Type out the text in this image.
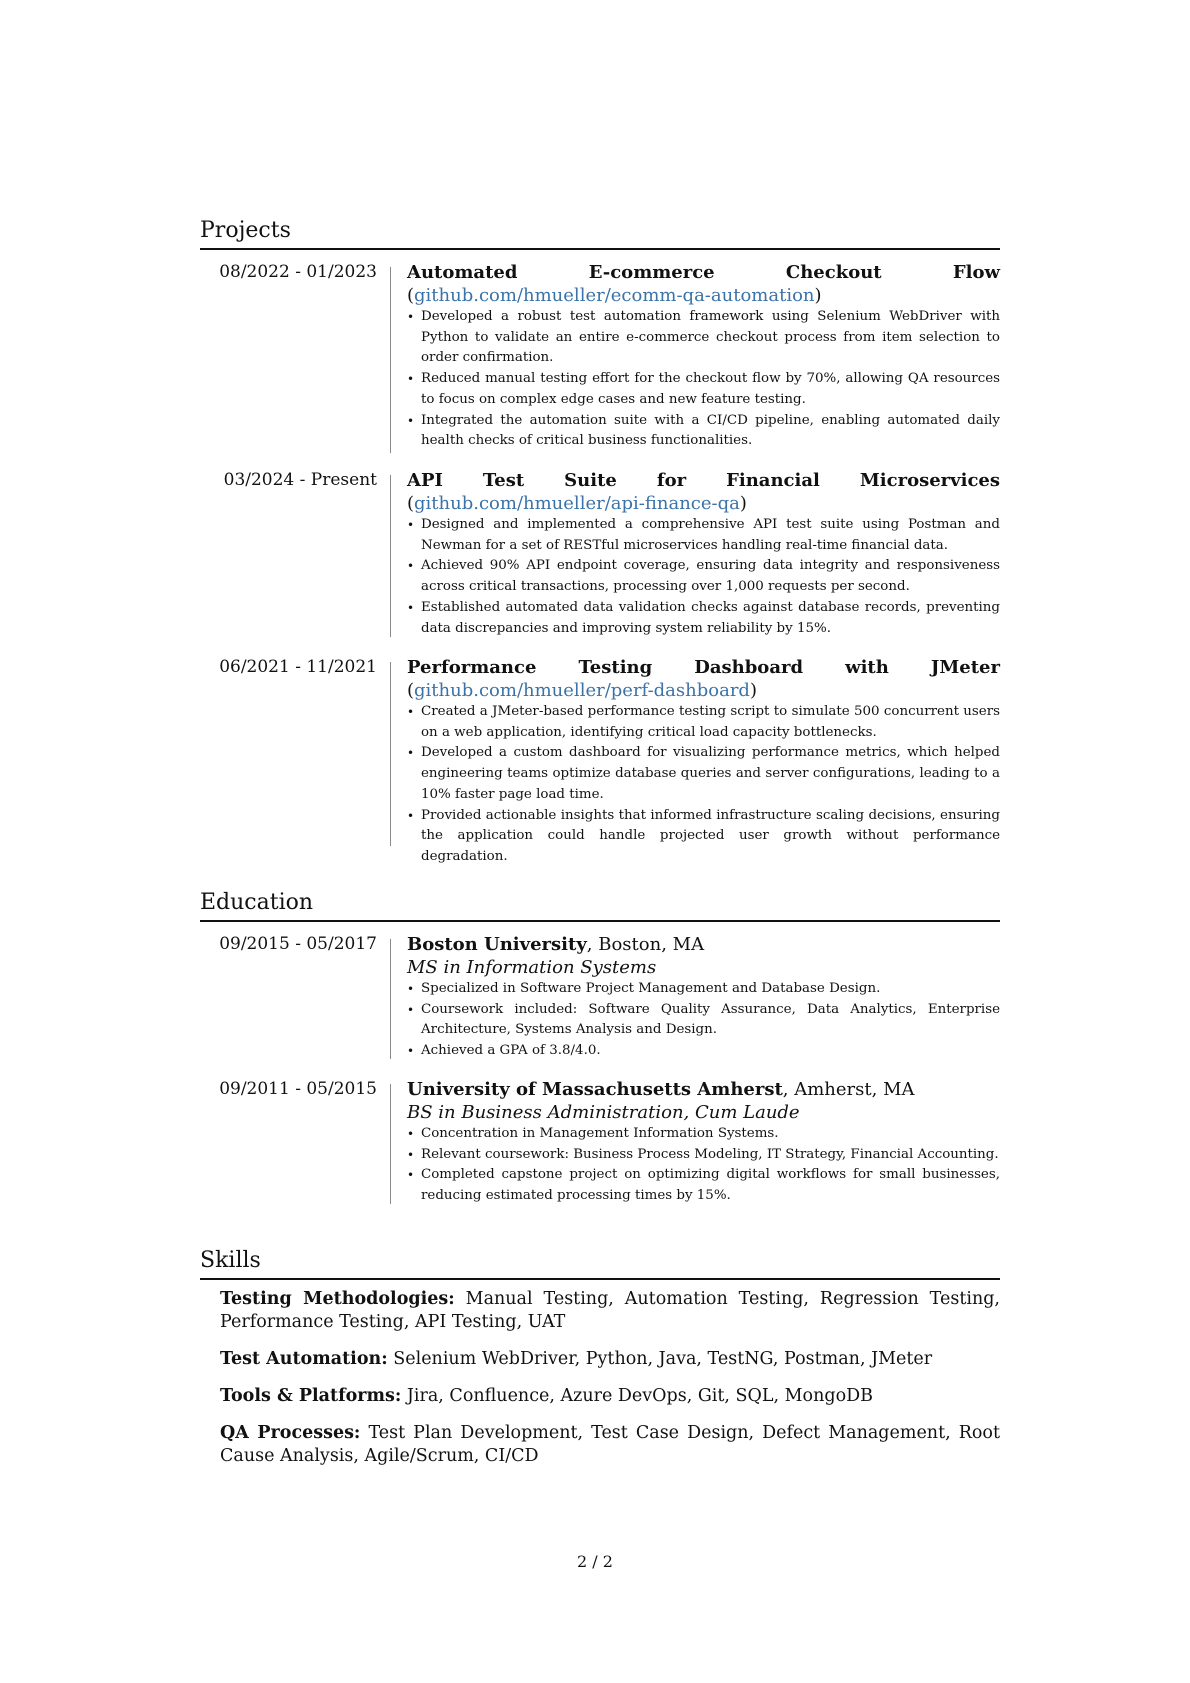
Projects
08/2022 - 01/2023 Automated E-commerce Checkout Flow (github.com/hmueller/ecomm-qa-automation)
• Developed a robust test automation framework using Selenium WebDriver with Python to validate an entire e-commerce checkout process from item selection to order confirmation.
• Reduced manual testing effort for the checkout flow by 70%, allowing QA resources to focus on complex edge cases and new feature testing.
• Integrated the automation suite with a CI/CD pipeline, enabling automated daily health checks of critical business functionalities.
03/2024 - Present API Test Suite for Financial Microservices (github.com/hmueller/api-finance-qa)
• Designed and implemented a comprehensive API test suite using Postman and Newman for a set of RESTful microservices handling real-time financial data.
• Achieved 90% API endpoint coverage, ensuring data integrity and responsiveness across critical transactions, processing over 1,000 requests per second.
• Established automated data validation checks against database records, preventing data discrepancies and improving system reliability by 15%.
06/2021 - 11/2021 Performance Testing Dashboard with JMeter (github.com/hmueller/perf-dashboard)
• Created a JMeter-based performance testing script to simulate 500 concurrent users on a web application, identifying critical load capacity bottlenecks.
• Developed a custom dashboard for visualizing performance metrics, which helped engineering teams optimize database queries and server configurations, leading to a 10% faster page load time.
• Provided actionable insights that informed infrastructure scaling decisions, ensuring the application could handle projected user growth without performance degradation.
Education
09/2015 - 05/2017 Boston University, Boston, MA
MS in Information Systems
• Specialized in Software Project Management and Database Design.
• Coursework included: Software Quality Assurance, Data Analytics, Enterprise Architecture, Systems Analysis and Design.
• Achieved a GPA of 3.8/4.0.
09/2011 - 05/2015 University of Massachusetts Amherst, Amherst, MA
BS in Business Administration, Cum Laude
• Concentration in Management Information Systems.
• Relevant coursework: Business Process Modeling, IT Strategy, Financial Accounting.
• Completed capstone project on optimizing digital workflows for small businesses, reducing estimated processing times by 15%.
Skills
Testing Methodologies: Manual Testing, Automation Testing, Regression Testing, Performance Testing, API Testing, UAT
Test Automation: Selenium WebDriver, Python, Java, TestNG, Postman, JMeter
Tools & Platforms: Jira, Confluence, Azure DevOps, Git, SQL, MongoDB
QA Processes: Test Plan Development, Test Case Design, Defect Management, Root Cause Analysis, Agile/Scrum, CI/CD
2 / 2
